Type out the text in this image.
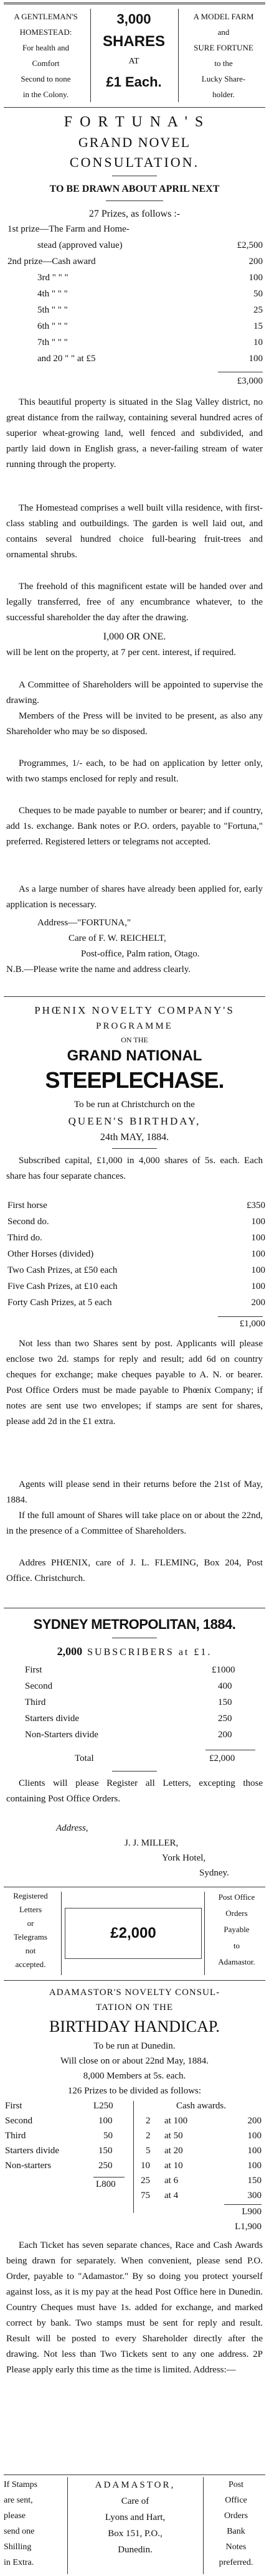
A GENTLEMAN'S
HOMESTEAD:
For health and
Comfort
Second to none
in the Colony.
3,000
SHARES
AT
£1 Each.
A MODEL FARM
and
SURE FORTUNE
to the
Lucky Share-
holder.
F O R T U N A ' S
GRAND NOVEL
CONSULTATION.
TO BE DRAWN ABOUT APRIL NEXT
27 Prizes, as follows :-
1st prize—The Farm and Home-
stead (approved value)	£2,500
2nd prize—Cash award	200
3rd " " "	100
4th " " "	50
5th " " "	25
6th " " "	15
7th " " "	10
and 20 " " at £5	100
£3,000
This beautiful property is situated in the Slag Valley district, no great distance from the railway, containing several hundred acres of superior wheat-growing land, well fenced and subdivided, and partly laid down in English grass, a never-failing stream of water running through the property.
The Homestead comprises a well built villa residence, with first-class stabling and outbuildings. The garden is well laid out, and contains several hundred choice full-bearing fruit-trees and ornamental shrubs.
The freehold of this magnificent estate will be handed over and legally transferred, free of any encumbrance whatever, to the successful shareholder the day after the drawing.
I,000 OR ONE.
will be lent on the property, at 7 per cent. interest, if required.
A Committee of Shareholders will be appointed to supervise the drawing.
Members of the Press will be invited to be present, as also any Shareholder who may be so disposed.
Programmes, 1/- each, to be had on application by letter only, with two stamps enclosed for reply and result.
Cheques to be made payable to number or bearer; and if country, add 1s. exchange. Bank notes or P.O. orders, payable to "Fortuna," preferred. Registered letters or telegrams not accepted.
As a large number of shares have already been applied for, early application is necessary.
Address—"FORTUNA,"
Care of F. W. REICHELT,
Post-office, Palm ration, Otago.
N.B.—Please write the name and address clearly.
PHŒNIX NOVELTY COMPANY'S
PROGRAMME
ON THE
GRAND NATIONAL
STEEPLECHASE.
To be run at Christchurch on the
QUEEN'S BIRTHDAY,
24th MAY, 1884.
Subscribed capital, £1,000 in 4,000 shares of 5s. each. Each share has four separate chances.
First horse	£350
Second do.	100
Third do.	100
Other Horses (divided)	100
Two Cash Prizes, at £50 each	100
Five Cash Prizes, at £10 each	100
Forty Cash Prizes, at 5 each	200
£1,000
Not less than two Shares sent by post. Applicants will please enclose two 2d. stamps for reply and result; add 6d on country cheques for exchange; make cheques payable to A. N. or bearer. Post Office Orders must be made payable to Phœnix Company; if notes are sent use two envelopes; if stamps are sent for shares, please add 2d in the £1 extra.
Agents will please send in their returns before the 21st of May, 1884.
If the full amount of Shares will take place on or about the 22nd, in the presence of a Committee of Shareholders.
Addres PHŒNIX, care of J. L. FLEMING, Box 204, Post Office. Christchurch.
SYDNEY METROPOLITAN, 1884.
2,000 SUBSCRIBERS at £1.
First	£1000
Second	400
Third	150
Starters divide	250
Non-Starters divide	200
Total	£2,000
Clients will please Register all Letters, excepting those containing Post Office Orders.
Address,
J. J. MILLER,
York Hotel,
Sydney.
Registered
Letters
or
Telegrams
not
accepted.
£2,000
Post Office
Orders
Payable
to
Adamastor.
ADAMASTOR'S NOVELTY CONSUL-
TATION ON THE
BIRTHDAY HANDICAP.
To be run at Dunedin.
Will close on or about 22nd May, 1884.
8,000 Members at 5s. each.
126 Prizes to be divided as follows:
First	L250
Second	100
Third	50
Starters divide	150
Non-starters	250
L800
Cash awards.
2 at 100	200
2 at 50	100
5 at 20	100
10 at 10	100
25 at 6	150
75 at 4	300
L900
L1,900
Each Ticket has seven separate chances, Race and Cash Awards being drawn for separately. When convenient, please send P.O. Order, payable to "Adamastor." By so doing you protect yourself against loss, as it is my pay at the head Post Office here in Dunedin. Country Cheques must have 1s. added for exchange, and marked correct by bank. Two stamps must be sent for reply and result. Result will be posted to every Shareholder directly after the drawing. Not less than Two Tickets sent to any one address. 2P Please apply early this time as the time is limited. Address:—
If Stamps
are sent,
please
send one
Shilling
in Extra.
ADAMASTOR,
Care of
Lyons and Hart,
Box 151, P.O.,
Dunedin.
Post
Office
Orders
Bank
Notes
preferred.
